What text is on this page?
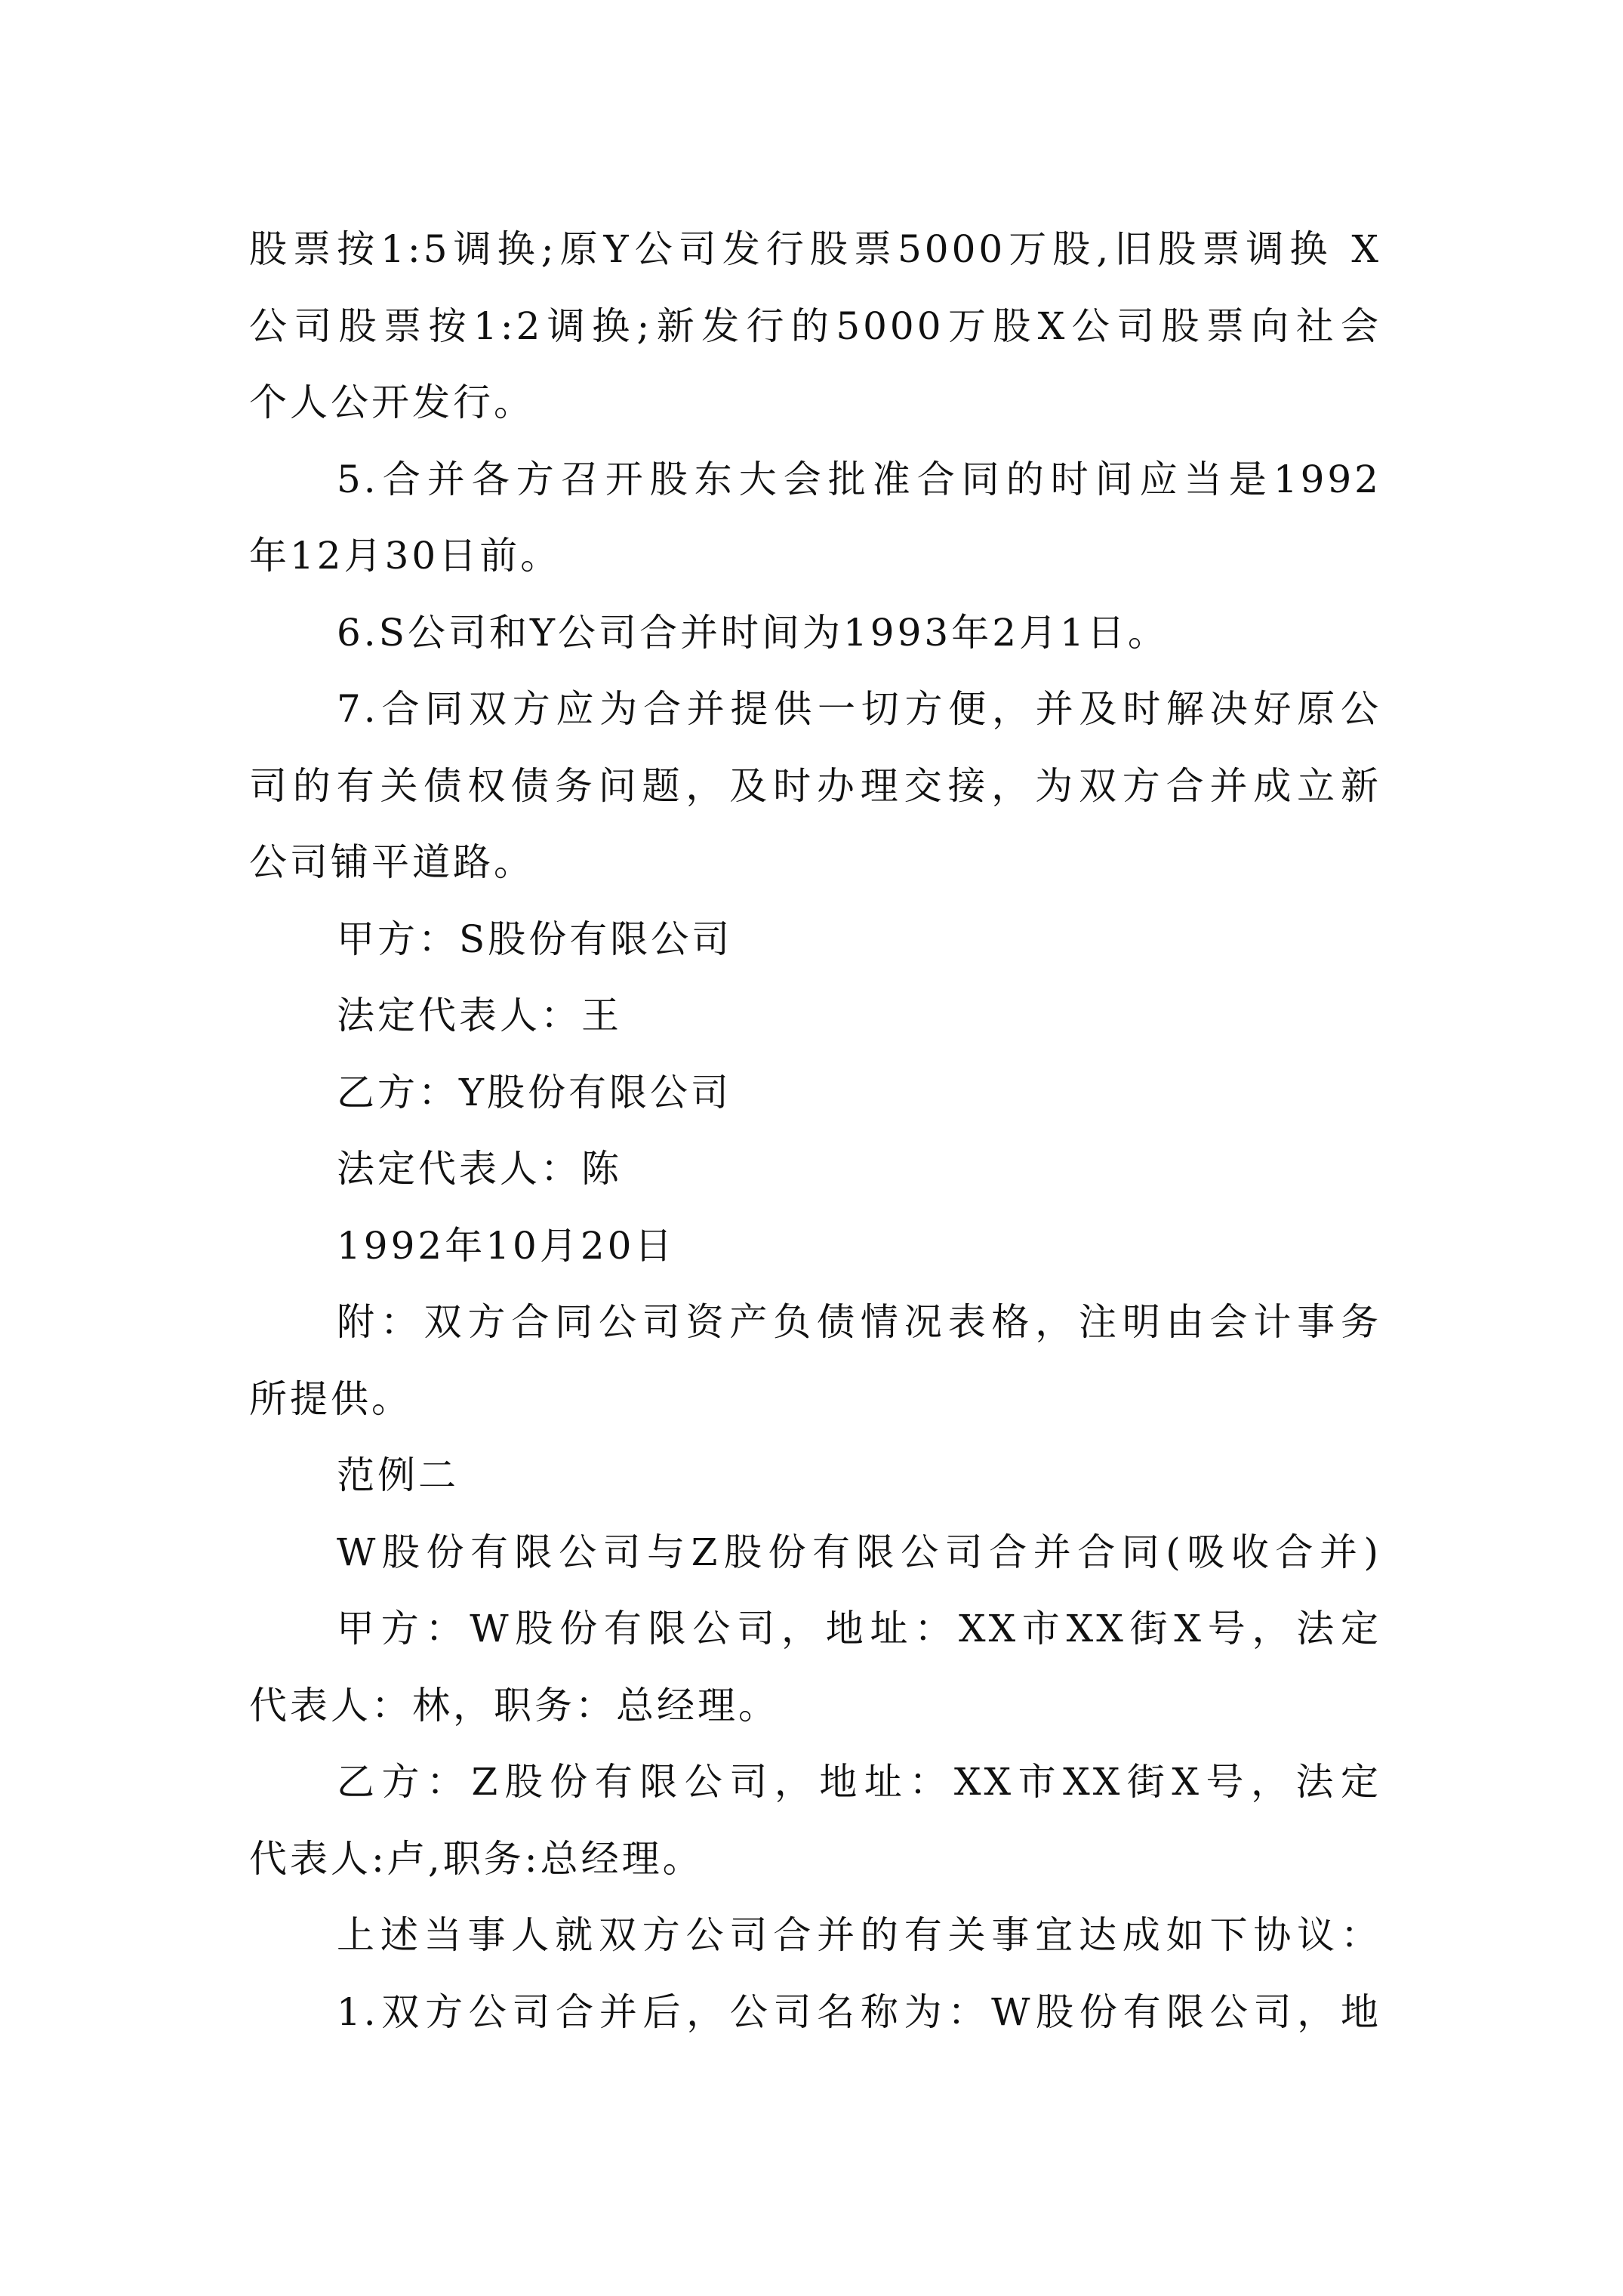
股票按1:5调换;原Y公司发行股票5000万股,旧股票调换 X
公司股票按1:2调换;新发行的5000万股X公司股票向社会
个人公开发行。
5.合并各方召开股东大会批准合同的时间应当是1992
年12月30日前。
6.S公司和Y公司合并时间为1993年2月1日。
7.合同双方应为合并提供一切方便，并及时解决好原公
司的有关债权债务问题，及时办理交接，为双方合并成立新
公司铺平道路。
甲方：S股份有限公司
法定代表人：王
乙方：Y股份有限公司
法定代表人：陈
1992年10月20日
附：双方合同公司资产负债情况表格，注明由会计事务
所提供。
范例二
W股份有限公司与Z股份有限公司合并合同(吸收合并)
甲方：W股份有限公司，地址：XX市XX街X号，法定
代表人：林，职务：总经理。
乙方：Z股份有限公司，地址：XX市XX街X号，法定
代表人:卢,职务:总经理。
上述当事人就双方公司合并的有关事宜达成如下协议：
1.双方公司合并后，公司名称为：W股份有限公司，地
